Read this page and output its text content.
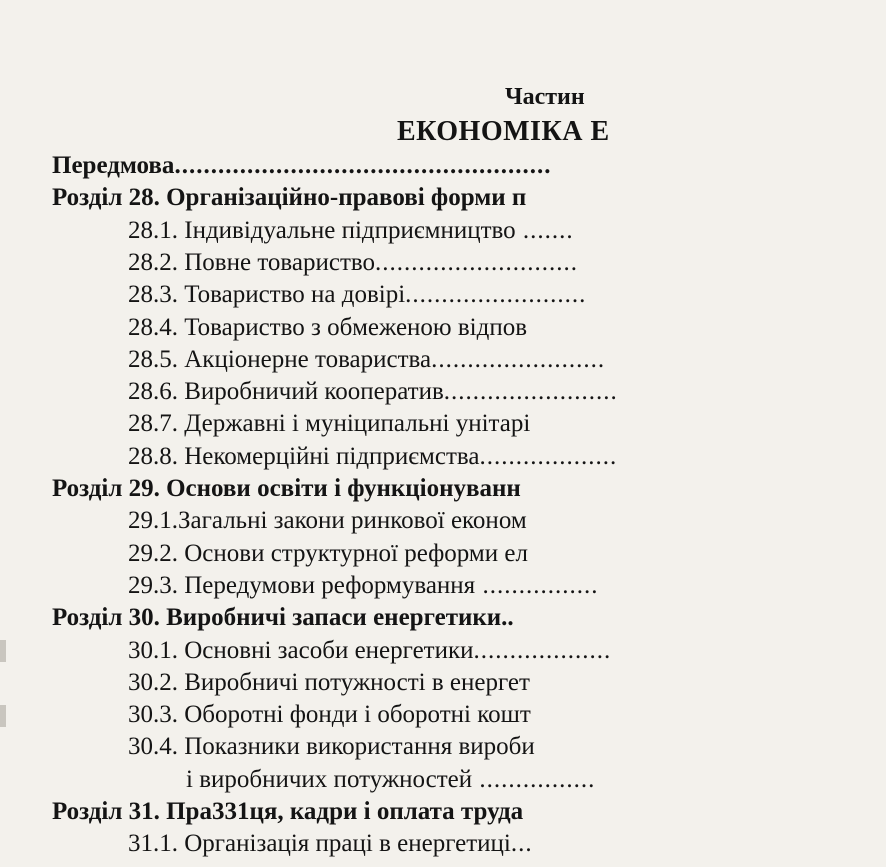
Частин
ЕКОНОМІКА Е
Передмова....................................................
Розділ 28. Організаційно-правові форми п
28.1. Індивідуальне підприємництво .......
28.2. Повне товариство............................
28.3. Товариство на довірі.........................
28.4. Товариство з обмеженою відпов
28.5. Акціонерне товариства........................
28.6. Виробничий кооператив........................
28.7. Державні і муніципальні унітарі
28.8. Некомерційні підприємства...................
Розділ 29. Основи освіти і функціонуванн
29.1.Загальні закони ринкової економ
29.2. Основи структурної реформи ел
29.3. Передумови реформування ................
Розділ 30. Виробничі запаси енергетики..
30.1. Основні засоби енергетики...................
30.2. Виробничі потужності в енергет
30.3. Оборотні фонди і оборотні кошт
30.4. Показники використання вироби
і виробничих потужностей ................
Розділ 31. Пра331ця, кадри і оплата труда
31.1. Організація праці в енергетиці...
